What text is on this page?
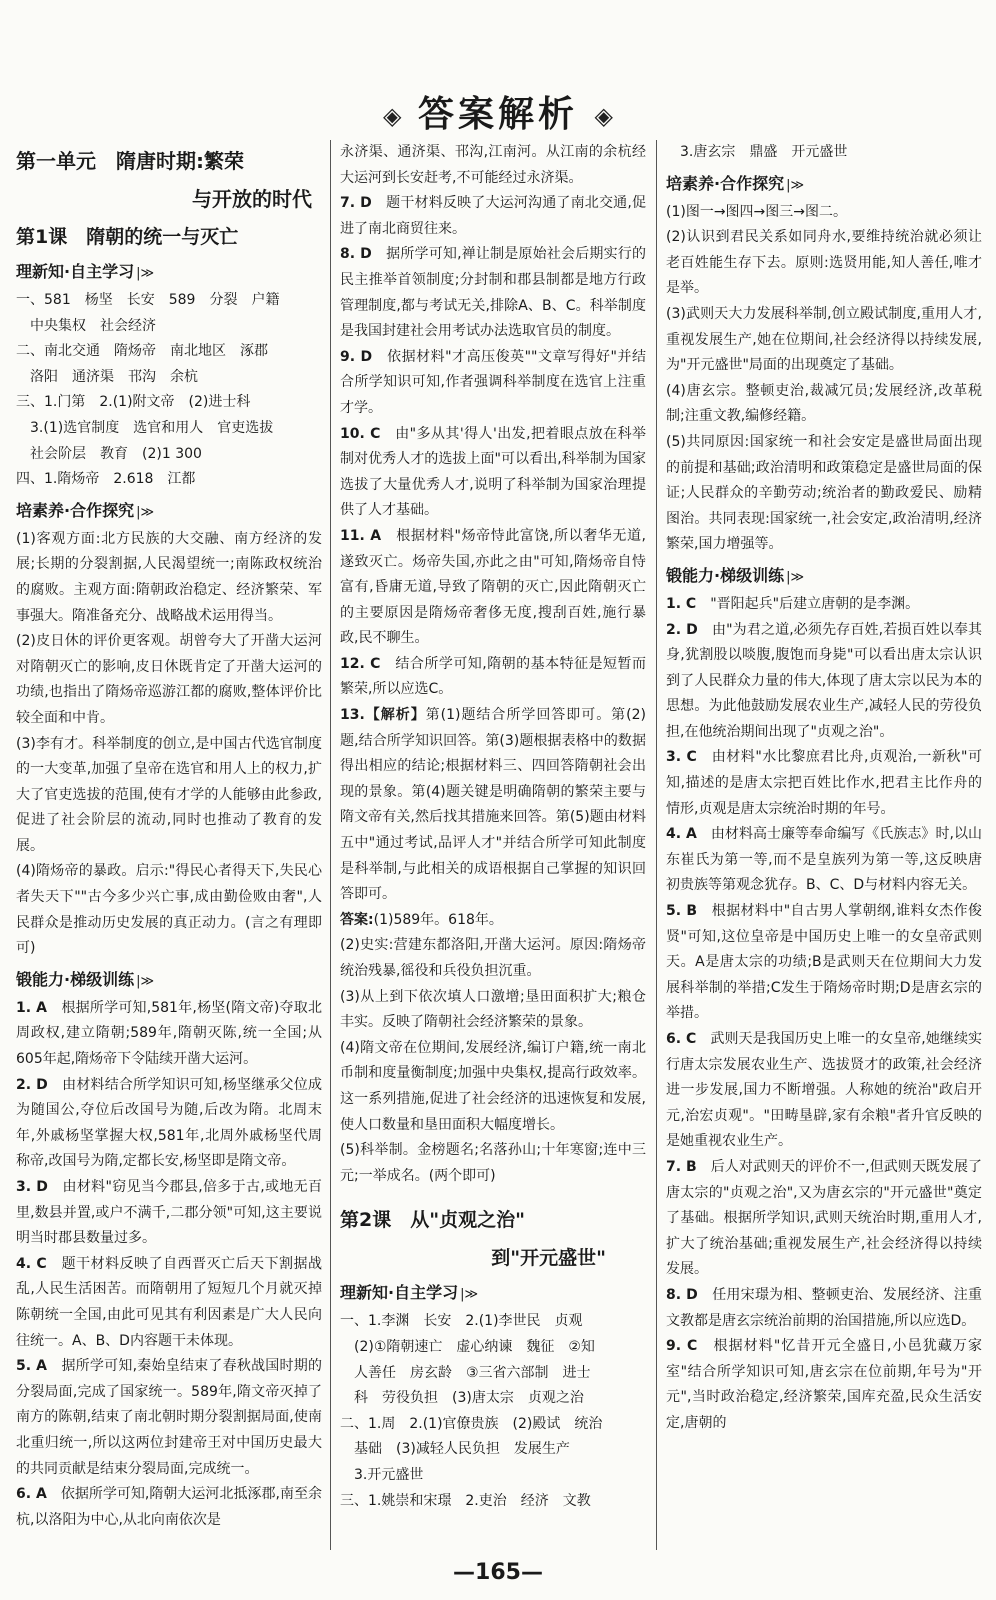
◈ 答案解析 ◈
第一单元　隋唐时期:繁荣
与开放的时代
第1课　隋朝的统一与灭亡
理新知·自主学习 |≫
一、581　杨坚　长安　589　分裂　户籍
　中央集权　社会经济
二、南北交通　隋炀帝　南北地区　涿郡
　洛阳　通济渠　邗沟　余杭
三、1.门第　2.(1)附文帝　(2)进士科
　3.(1)选官制度　选官和用人　官吏选拔
　社会阶层　教育　(2)1 300
四、1.隋炀帝　2.618　江都
培素养·合作探究 |≫
(1)客观方面:北方民族的大交融、南方经济的发展;长期的分裂割据,人民渴望统一;南陈政权统治的腐败。主观方面:隋朝政治稳定、经济繁荣、军事强大。隋准备充分、战略战术运用得当。
(2)皮日休的评价更客观。胡曾夸大了开凿大运河对隋朝灭亡的影响,皮日休既肯定了开凿大运河的功绩,也指出了隋炀帝巡游江都的腐败,整体评价比较全面和中肯。
(3)李有才。科举制度的创立,是中国古代选官制度的一大变革,加强了皇帝在选官和用人上的权力,扩大了官吏选拔的范围,使有才学的人能够由此参政,促进了社会阶层的流动,同时也推动了教育的发展。
(4)隋炀帝的暴政。启示:"得民心者得天下,失民心者失天下""古今多少兴亡事,成由勤俭败由奢",人民群众是推动历史发展的真正动力。(言之有理即可)
锻能力·梯级训练 |≫
1. A　根据所学可知,581年,杨坚(隋文帝)夺取北周政权,建立隋朝;589年,隋朝灭陈,统一全国;从605年起,隋炀帝下令陆续开凿大运河。
2. D　由材料结合所学知识可知,杨坚继承父位成为随国公,夺位后改国号为随,后改为隋。北周末年,外戚杨坚掌握大权,581年,北周外戚杨坚代周称帝,改国号为隋,定都长安,杨坚即是隋文帝。
3. D　由材料"窃见当今郡县,倍多于古,或地无百里,数县并置,或户不满千,二郡分领"可知,这主要说明当时郡县数量过多。
4. C　题干材料反映了自西晋灭亡后天下割据战乱,人民生活困苦。而隋朝用了短短几个月就灭掉陈朝统一全国,由此可见其有利因素是广大人民向往统一。A、B、D内容题干未体现。
5. A　据所学可知,秦始皇结束了春秋战国时期的分裂局面,完成了国家统一。589年,隋文帝灭掉了南方的陈朝,结束了南北朝时期分裂割据局面,使南北重归统一,所以这两位封建帝王对中国历史最大的共同贡献是结束分裂局面,完成统一。
6. A　依据所学可知,隋朝大运河北抵涿郡,南至余杭,以洛阳为中心,从北向南依次是
永济渠、通济渠、邗沟,江南河。从江南的余杭经大运河到长安赶考,不可能经过永济渠。
7. D　题干材料反映了大运河沟通了南北交通,促进了南北商贸往来。
8. D　据所学可知,禅让制是原始社会后期实行的民主推举首领制度;分封制和郡县制都是地方行政管理制度,都与考试无关,排除A、B、C。科举制度是我国封建社会用考试办法选取官员的制度。
9. D　依据材料"才高压俊英""文章写得好"并结合所学知识可知,作者强调科举制度在选官上注重才学。
10. C　由"多从其'得人'出发,把着眼点放在科举制对优秀人才的选拔上面"可以看出,科举制为国家选拔了大量优秀人才,说明了科举制为国家治理提供了人才基础。
11. A　根据材料"炀帝恃此富饶,所以奢华无道,遂致灭亡。炀帝失国,亦此之由"可知,隋炀帝自恃富有,昏庸无道,导致了隋朝的灭亡,因此隋朝灭亡的主要原因是隋炀帝奢侈无度,搜刮百姓,施行暴政,民不聊生。
12. C　结合所学可知,隋朝的基本特征是短暂而繁荣,所以应选C。
13.【解析】第(1)题结合所学回答即可。第(2)题,结合所学知识回答。第(3)题根据表格中的数据得出相应的结论;根据材料三、四回答隋朝社会出现的景象。第(4)题关键是明确隋朝的繁荣主要与隋文帝有关,然后找其措施来回答。第(5)题由材料五中"通过考试,品评人才"并结合所学可知此制度是科举制,与此相关的成语根据自己掌握的知识回答即可。
答案:(1)589年。618年。
(2)史实:营建东都洛阳,开凿大运河。原因:隋炀帝统治残暴,徭役和兵役负担沉重。
(3)从上到下依次填人口激增;垦田面积扩大;粮仓丰实。反映了隋朝社会经济繁荣的景象。
(4)隋文帝在位期间,发展经济,编订户籍,统一南北币制和度量衡制度;加强中央集权,提高行政效率。这一系列措施,促进了社会经济的迅速恢复和发展,使人口数量和垦田面积大幅度增长。
(5)科举制。金榜题名;名落孙山;十年寒窗;连中三元;一举成名。(两个即可)
第2课　从"贞观之治"
到"开元盛世"
理新知·自主学习 |≫
一、1.李渊　长安　2.(1)李世民　贞观
　(2)①隋朝速亡　虚心纳谏　魏征　②知
　人善任　房玄龄　③三省六部制　进士
　科　劳役负担　(3)唐太宗　贞观之治
二、1.周　2.(1)官僚贵族　(2)殿试　统治
　基础　(3)减轻人民负担　发展生产
　3.开元盛世
三、1.姚崇和宋璟　2.吏治　经济　文教
　3.唐玄宗　鼎盛　开元盛世
培素养·合作探究 |≫
(1)图一→图四→图三→图二。
(2)认识到君民关系如同舟水,要维持统治就必须让老百姓能生存下去。原则:选贤用能,知人善任,唯才是举。
(3)武则天大力发展科举制,创立殿试制度,重用人才,重视发展生产,她在位期间,社会经济得以持续发展,为"开元盛世"局面的出现奠定了基础。
(4)唐玄宗。整顿吏治,裁减冗员;发展经济,改革税制;注重文教,编修经籍。
(5)共同原因:国家统一和社会安定是盛世局面出现的前提和基础;政治清明和政策稳定是盛世局面的保证;人民群众的辛勤劳动;统治者的勤政爱民、励精图治。共同表现:国家统一,社会安定,政治清明,经济繁荣,国力增强等。
锻能力·梯级训练 |≫
1. C　"晋阳起兵"后建立唐朝的是李渊。
2. D　由"为君之道,必须先存百姓,若损百姓以奉其身,犹割股以啖腹,腹饱而身毙"可以看出唐太宗认识到了人民群众力量的伟大,体现了唐太宗以民为本的思想。为此他鼓励发展农业生产,减轻人民的劳役负担,在他统治期间出现了"贞观之治"。
3. C　由材料"水比黎庶君比舟,贞观治,一新秋"可知,描述的是唐太宗把百姓比作水,把君主比作舟的情形,贞观是唐太宗统治时期的年号。
4. A　由材料高士廉等奉命编写《氏族志》时,以山东崔氏为第一等,而不是皇族列为第一等,这反映唐初贵族等第观念犹存。B、C、D与材料内容无关。
5. B　根据材料中"自古男人掌朝纲,谁料女杰作俊贤"可知,这位皇帝是中国历史上唯一的女皇帝武则天。A是唐太宗的功绩;B是武则天在位期间大力发展科举制的举措;C发生于隋炀帝时期;D是唐玄宗的举措。
6. C　武则天是我国历史上唯一的女皇帝,她继续实行唐太宗发展农业生产、选拔贤才的政策,社会经济进一步发展,国力不断增强。人称她的统治"政启开元,治宏贞观"。"田畴垦辟,家有余粮"者升官反映的是她重视农业生产。
7. B　后人对武则天的评价不一,但武则天既发展了唐太宗的"贞观之治",又为唐玄宗的"开元盛世"奠定了基础。根据所学知识,武则天统治时期,重用人才,扩大了统治基础;重视发展生产,社会经济得以持续发展。
8. D　任用宋璟为相、整顿吏治、发展经济、注重文教都是唐玄宗统治前期的治国措施,所以应选D。
9. C　根据材料"忆昔开元全盛日,小邑犹藏万家室"结合所学知识可知,唐玄宗在位前期,年号为"开元",当时政治稳定,经济繁荣,国库充盈,民众生活安定,唐朝的
—165—
